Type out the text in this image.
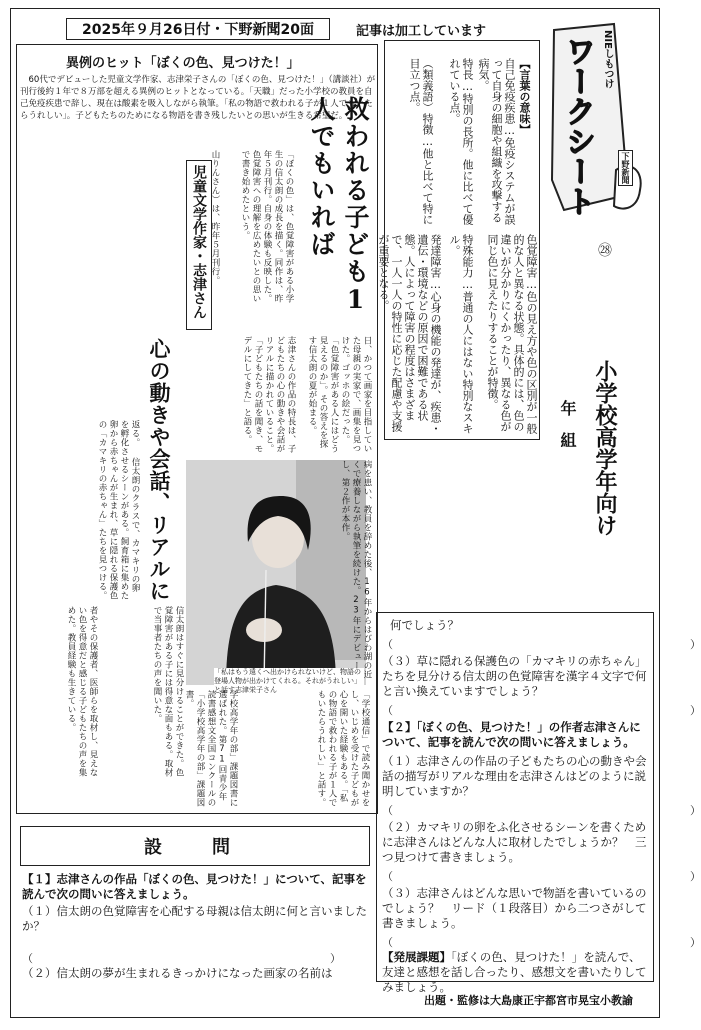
2025年９月26日付・下野新聞20面	記事は加工しています
異例のヒット「ぼくの色、見つけた！」
60代でデビューした児童文学作家、志津栄子さんの「ぼくの色、見つけた！」（講談社）が刊行後約１年で８万部を超える異例のヒットとなっている。「天職」だった小学校の教員を自己免疫疾患で辞し、現在は酸素を吸入しながら執筆。「私の物語で救われる子が１人でもいたらうれしい」。子どもたちのためになる物語を書き残したいとの思いが生きる希望だ。
救われる子ども1人でもいれば
児童文学作家・志津さん	「ぼくの色」は、色覚障害がある小学生の信太朗の成長を描く。同作は、昨年５月刊行。自身の体験も反映した。 色覚障害への理解を広めたいとの思いで書き始めたという。
山りんさん）は、昨年５月刊行。
心の動きや会話、リアルに	日、かつて画家を目指していた母親の実家で、画集を見つけた。ゴッホの絵だった。「色覚障害がある人にはどう見えるのか」。その答えを探す信太朗の夏が始まる。
志津さんの作品の特長は、子どもたちの心の動きや会話がリアルに描かれていること。「子どもたちの話を聞き、モデルにしてきた」と語る。
返る。 信太朗のクラスで、カマキリの卵を孵化させるシーンがある。飼育箱に集めた卵から赤ちゃんが生まれ、草に隠れる保護色の「カマキリの赤ちゃん」たちを見つける。
信太朗はすぐに見分けることができた。色覚障害がある子には得意な面もある。取材で当事者たちの声を聞いた。
者やその保護者、医師らを取材し、見えない色を得意だと感じる子どもたちの声を集めた。教員経験も生きている。	「私はもう遠くへ出かけられないけど、物語の登場人物が出かけてくれる。それがうれしい」と話す志津栄子さん	「学校通信」で読み聞かせをし、いじめを受けた子どもが心を開いた経験もある。「私の物語で救われる子が１人でもいたらうれしい」と話す。
学校高学年の部」課題図書に選ばれた。第71回青少年読書感想文全国コンクールの「小学校高学年の部」課題図書。
病を患い、教員を辞めた後、16年からはびわ湖の近くで療養しながら執筆を続けた。23年にデビューし、第２作が本作。
NIEしもつけ
ワークシート	下野新聞
㉘
小学校高学年向け
年　組
【言葉の意味】
自己免疫疾患…免疫システムが誤って自身の細胞や組織を攻撃する病気。
特長…特別の長所。他に比べて優れている点。
（類義語）特徴…他と比べて特に目立つ点。
色覚障害…色の見え方や色の区別が一般的な人と異なる状態。具体的には、色の違いが分かりにくかったり、異なる色が同じ色に見えたりすることが特徴。
特殊能力…普通の人にはない特別なスキル。
発達障害…心身の機能の発達が、疾患・遺伝・環境などの原因で困難である状態。人によって障害の程度はさまざまで、一人一人の特性に応じた配慮や支援が重要となる。
何でしょう？
（　　　　　　　　　　　　　　　　　　　　　　　　　　　）
（３）草に隠れる保護色の「カマキリの赤ちゃん」たちを見分ける信太朗の色覚障害を漢字４文字で何と言い換えていますでしょう？
（　　　　　　　　　　　　　　　　　　　　　　　　　　　）
【２】「ぼくの色、見つけた！」の作者志津さんについて、記事を読んで次の問いに答えましょう。
（１）志津さんの作品の子どもたちの心の動きや会話の描写がリアルな理由を志津さんはどのように説明していますか？
（　　　　　　　　　　　　　　　　　　　　　　　　　　　）
（２）カマキリの卵をふ化させるシーンを書くために志津さんはどんな人に取材したでしょうか？　三つ見つけて書きましょう。
（　　　　　　　　　　　　　　　　　　　　　　　　　　　）
（３）志津さんはどんな思いで物語を書いているのでしょう？　リード（１段落目）から二つさがして書きましょう。
（　　　　　　　　　　　　　　　　　　　　　　　　　　　）
【発展課題】「ぼくの色、見つけた！」を読んで、友達と感想を話し合ったり、感想文を書いたりしてみましょう。
設　問
【１】志津さんの作品「ぼくの色、見つけた！」について、記事を読んで次の問いに答えましょう。
（１）信太朗の色覚障害を心配する母親は信太朗に何と言いましたか？
（　　　　　　　　　　　　　　　　　　　　　　　　　　　）
（２）信太朗の夢が生まれるきっかけになった画家の名前は
出題・監修は大島康正宇都宮市晃宝小教諭
